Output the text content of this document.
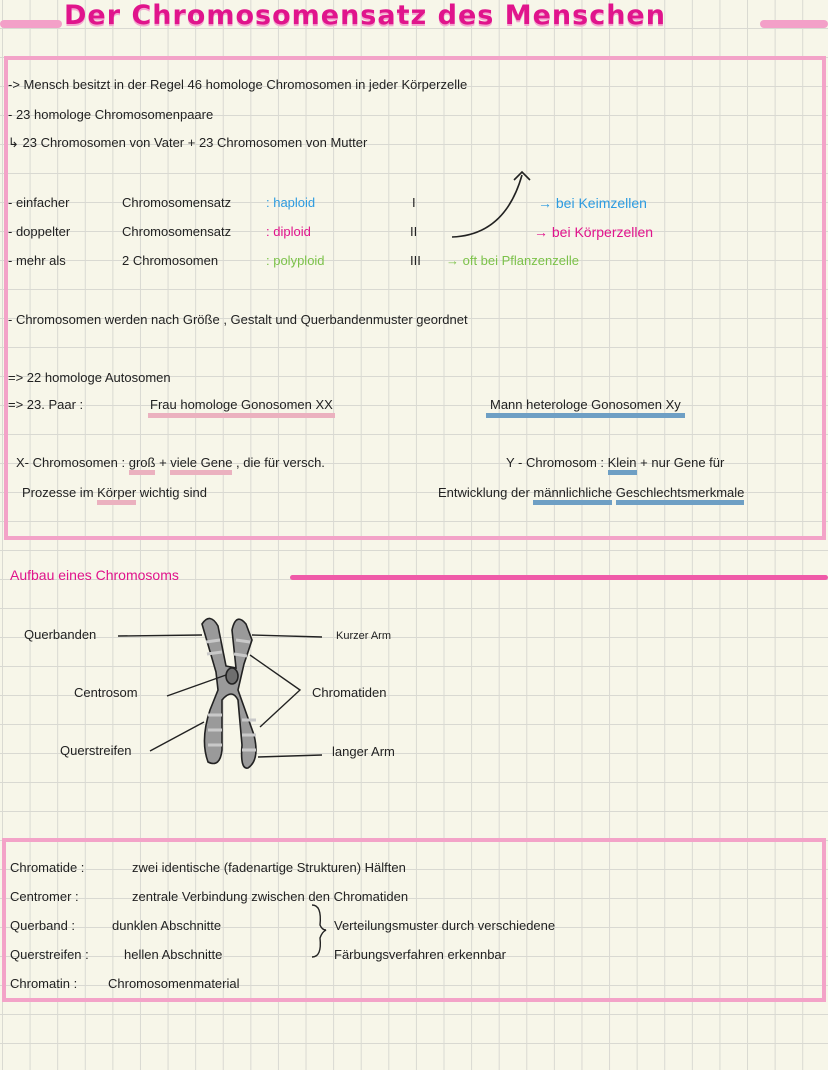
Der Chromosomensatz des Menschen
-> Mensch besitzt in der Regel 46 homologe Chromosomen in jeder Körperzelle
- 23 homologe Chromosomenpaare
↳ 23 Chromosomen von Vater + 23 Chromosomen von Mutter
- einfacher	Chromosomensatz	: haploid	I	→ bei Keimzellen
- doppelter	Chromosomensatz	: diploid	II	→ bei Körperzellen
- mehr als	2 Chromosomen	: polyploid	III → oft bei Pflanzenzelle
- Chromosomen werden nach Größe , Gestalt und Querbandenmuster geordnet
=> 22 homologe Autosomen
=> 23. Paar :	Frau homologe Gonosomen XX	Mann heterologe Gonosomen Xy
X- Chromosomen : groß + viele Gene , die für versch.
Prozesse im Körper wichtig sind
Y - Chromosom : Klein + nur Gene für
Entwicklung der männlichliche Geschlechtsmerkmale
Aufbau eines Chromosoms
Querbanden
Centrosom
Querstreifen
Kurzer Arm
Chromatiden
langer Arm
Chromatide :	zwei identische (fadenartige Strukturen) Hälften
Centromer :	zentrale Verbindung zwischen den Chromatiden
Querband :	dunklen Abschnitte
Querstreifen :	hellen Abschnitte
Chromatin : Chromosomenmaterial
Verteilungsmuster durch verschiedene
Färbungsverfahren erkennbar
